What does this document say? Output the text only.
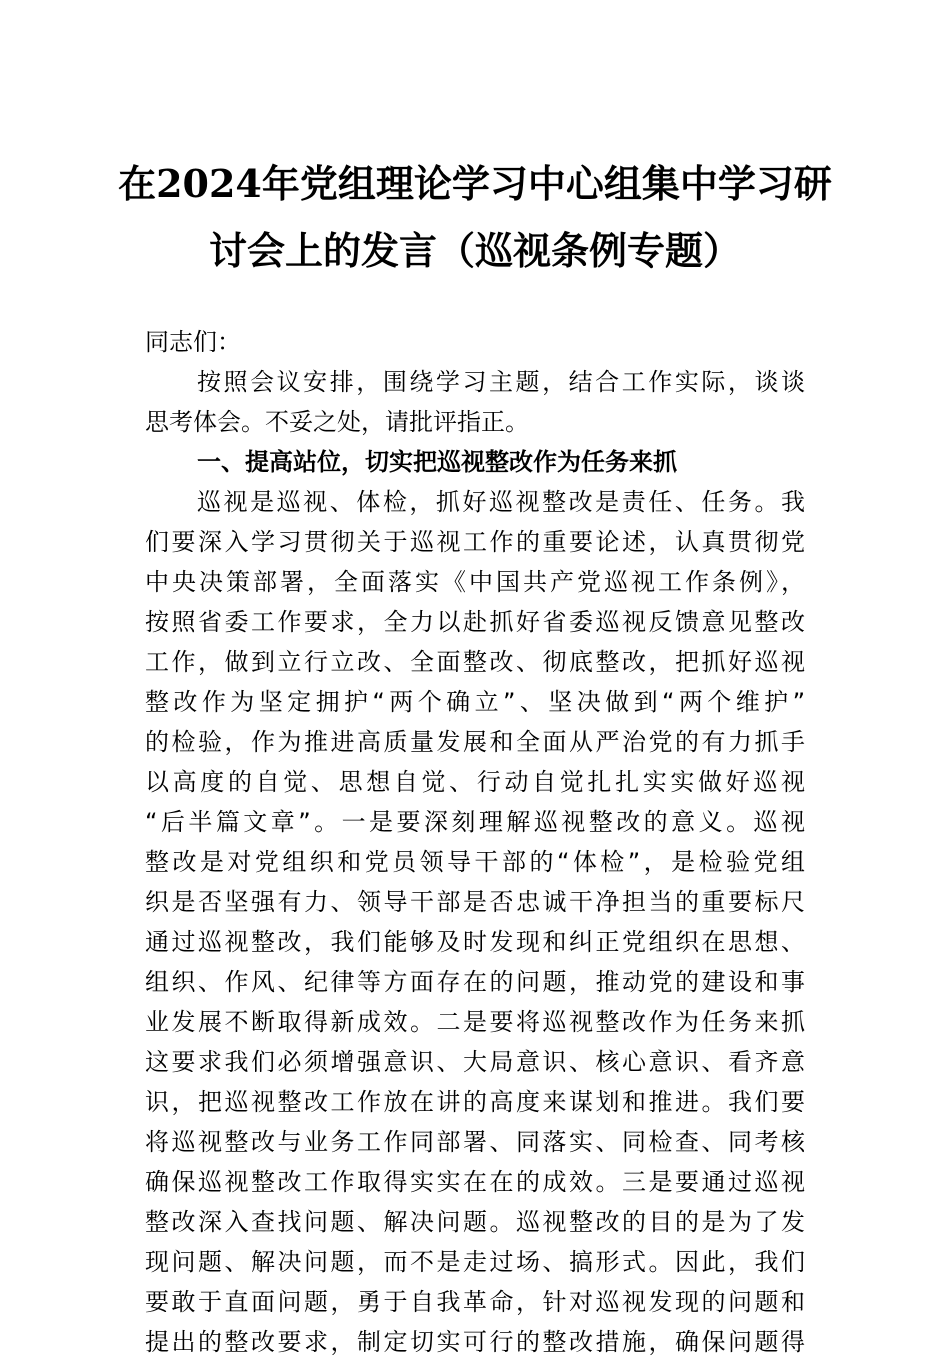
在2024年党组理论学习中心组集中学习研
讨会上的发言（巡视条例专题）
同志们：
按照会议安排，围绕学习主题，结合工作实际，谈谈
思考体会。不妥之处，请批评指正。
一、提高站位，切实把巡视整改作为任务来抓
巡视是巡视、体检，抓好巡视整改是责任、任务。我
们要深入学习贯彻关于巡视工作的重要论述，认真贯彻党
中央决策部署，全面落实《中国共产党巡视工作条例》，
按照省委工作要求，全力以赴抓好省委巡视反馈意见整改
工作，做到立行立改、全面整改、彻底整改，把抓好巡视
整改作为坚定拥护“两个确立”、坚决做到“两个维护”
的检验，作为推进高质量发展和全面从严治党的有力抓手
以高度的自觉、思想自觉、行动自觉扎扎实实做好巡视
“后半篇文章”。一是要深刻理解巡视整改的意义。巡视
整改是对党组织和党员领导干部的“体检”，是检验党组
织是否坚强有力、领导干部是否忠诚干净担当的重要标尺
通过巡视整改，我们能够及时发现和纠正党组织在思想、
组织、作风、纪律等方面存在的问题，推动党的建设和事
业发展不断取得新成效。二是要将巡视整改作为任务来抓
这要求我们必须增强意识、大局意识、核心意识、看齐意
识，把巡视整改工作放在讲的高度来谋划和推进。我们要
将巡视整改与业务工作同部署、同落实、同检查、同考核
确保巡视整改工作取得实实在在的成效。三是要通过巡视
整改深入查找问题、解决问题。巡视整改的目的是为了发
现问题、解决问题，而不是走过场、搞形式。因此，我们
要敢于直面问题，勇于自我革命，针对巡视发现的问题和
提出的整改要求，制定切实可行的整改措施，确保问题得
